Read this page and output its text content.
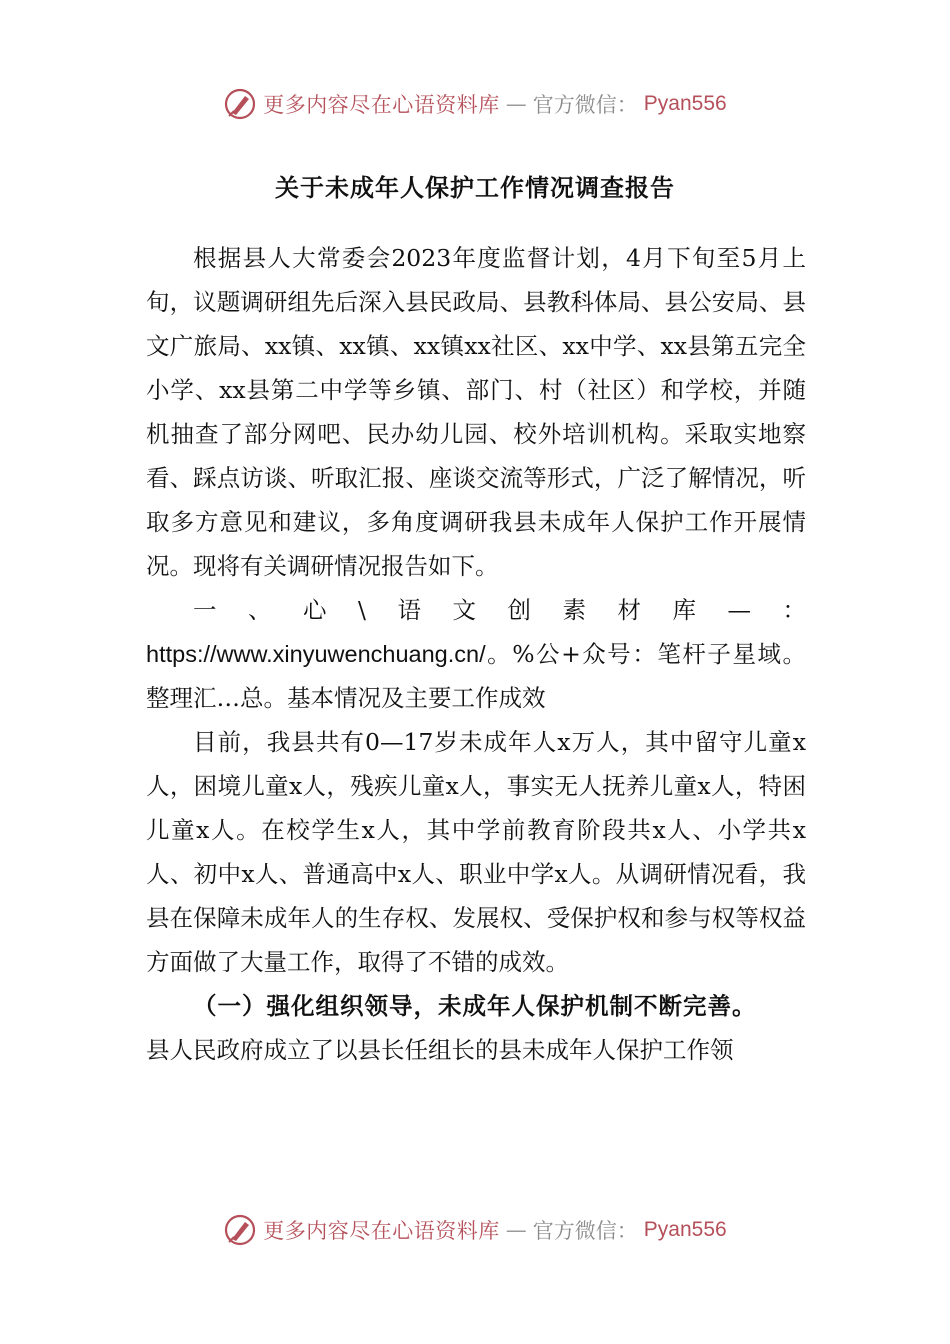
更多内容尽在心语资料库 — 官方微信： Pyan556
关于未成年人保护工作情况调查报告

根据县人大常委会2023年度监督计划，4月下旬至5月上旬，议题调研组先后深入县民政局、县教科体局、县公安局、县文广旅局、xx镇、xx镇、xx镇xx社区、xx中学、xx县第五完全小学、xx县第二中学等乡镇、部门、村（社区）和学校，并随机抽查了部分网吧、民办幼儿园、校外培训机构。采取实地察看、踩点访谈、听取汇报、座谈交流等形式，广泛了解情况，听取多方意见和建议，多角度调研我县未成年人保护工作开展情况。现将有关调研情况报告如下。

一、心\语文创素材库—：https://www.xinyuwenchuang.cn/。%公+众号：笔杆子星域。整理汇…总。基本情况及主要工作成效

目前，我县共有0—17岁未成年人x万人，其中留守儿童x人，困境儿童x人，残疾儿童x人，事实无人抚养儿童x人，特困儿童x人。在校学生x人，其中学前教育阶段共x人、小学共x人、初中x人、普通高中x人、职业中学x人。从调研情况看，我县在保障未成年人的生存权、发展权、受保护权和参与权等权益方面做了大量工作，取得了不错的成效。

（一）强化组织领导，未成年人保护机制不断完善。

县人民政府成立了以县长任组长的县未成年人保护工作领

更多内容尽在心语资料库 — 官方微信： Pyan556
